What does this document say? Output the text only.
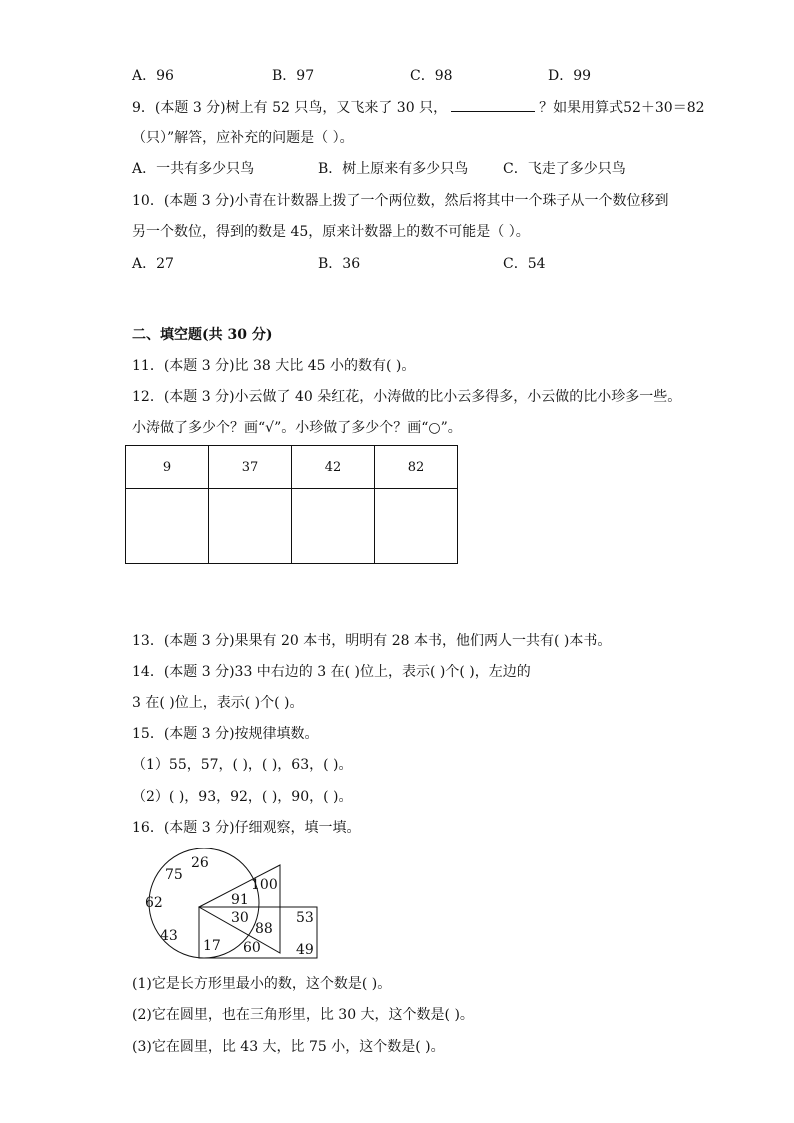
A．96	B．97	C．98	D．99
9．(本题 3 分)树上有 52 只鸟，又飞来了 30 只，	？如果用算式52＋30＝82
（只）”解答，应补充的问题是（ ）。
A．一共有多少只鸟	B．树上原来有多少只鸟 C．飞走了多少只鸟
10．(本题 3 分)小青在计数器上拨了一个两位数，然后将其中一个珠子从一个数位移到
另一个数位，得到的数是 45，原来计数器上的数不可能是（ ）。
A．27	B．36	C．54
二、填空题(共 30 分)
11．(本题 3 分)比 38 大比 45 小的数有( )。
12．(本题 3 分)小云做了 40 朵红花，小涛做的比小云多得多，小云做的比小珍多一些。
小涛做了多少个？画“√”。小珍做了多少个？画“○”。
9	37	42	82

13．(本题 3 分)果果有 20 本书，明明有 28 本书，他们两人一共有( )本书。
14．(本题 3 分)33 中右边的 3 在( )位上，表示( )个( )，左边的
3 在( )位上，表示( )个( )。
15．(本题 3 分)按规律填数。
（1）55，57，( )，( )，63，( )。
（2）( )，93，92，( )，90，( )。
16．(本题 3 分)仔细观察，填一填。
26
75
100
91
62
30	53
88
43
17 60	49
(1)它是长方形里最小的数，这个数是( )。
(2)它在圆里，也在三角形里，比 30 大，这个数是( )。
(3)它在圆里，比 43 大，比 75 小，这个数是( )。
